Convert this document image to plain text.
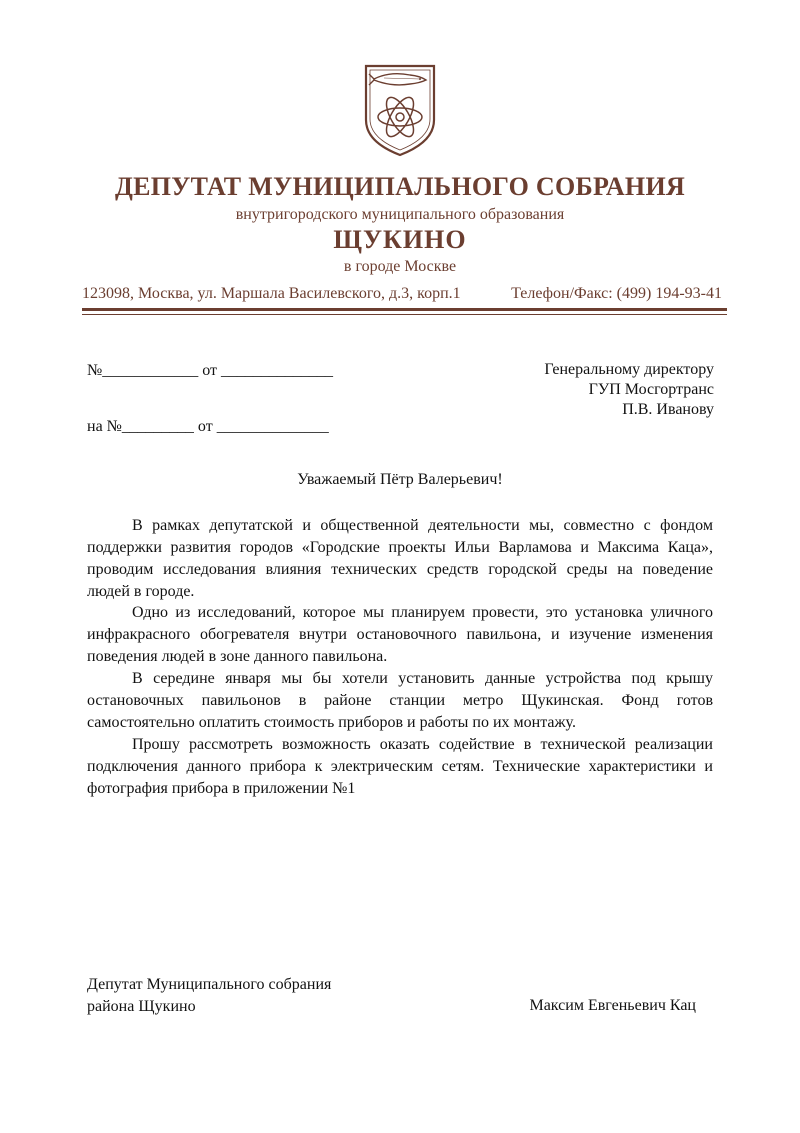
ДЕПУТАТ МУНИЦИПАЛЬНОГО СОБРАНИЯ
внутригородского муниципального образования
ЩУКИНО
в городе Москве
123098, Москва, ул. Маршала Василевского, д.3, корп.1	Телефон/Факс: (499) 194-93-41
№____________ от ______________
на №_________ от ______________
Генеральному директору
ГУП Мосгортранс
П.В. Иванову
Уважаемый Пётр Валерьевич!
В рамках депутатской и общественной деятельности мы, совместно с фондом поддержки развития городов «Городские проекты Ильи Варламова и Максима Каца», проводим исследования влияния технических средств городской среды на поведение людей в городе.
Одно из исследований, которое мы планируем провести, это установка уличного инфракрасного обогревателя внутри остановочного павильона, и изучение изменения поведения людей в зоне данного павильона.
В середине января мы бы хотели установить данные устройства под крышу остановочных павильонов в районе станции метро Щукинская. Фонд готов самостоятельно оплатить стоимость приборов и работы по их монтажу.
Прошу рассмотреть возможность оказать содействие в технической реализации подключения данного прибора к электрическим сетям. Технические характеристики и фотография прибора в приложении №1
Депутат Муниципального собрания
района Щукино	Максим Евгеньевич Кац
